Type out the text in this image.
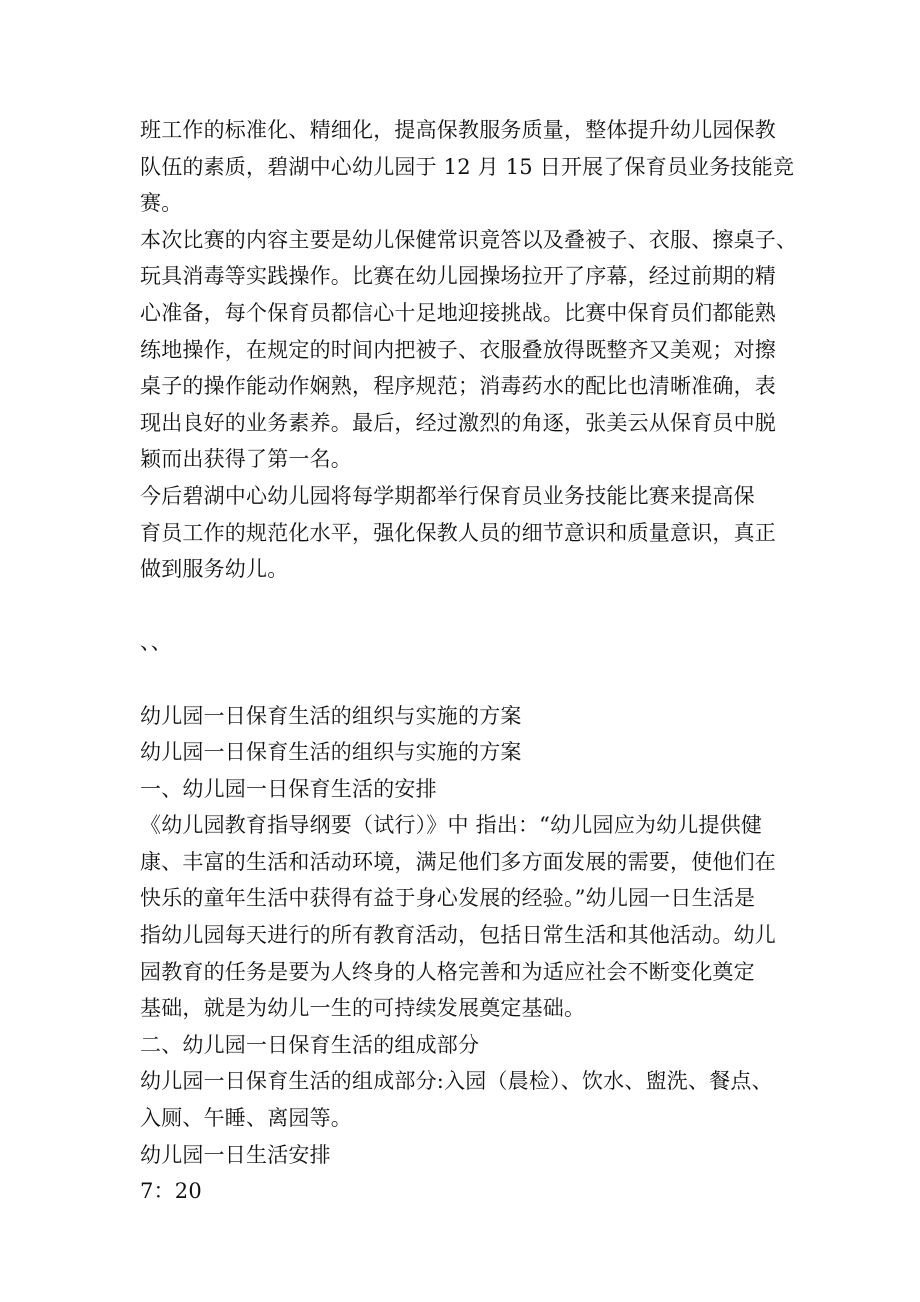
班工作的标准化、精细化，提高保教服务质量，整体提升幼儿园保教
队伍的素质，碧湖中心幼儿园于 12 月 15 日开展了保育员业务技能竞
赛。
本次比赛的内容主要是幼儿保健常识竟答以及叠被子、衣服、擦桌子、
玩具消毒等实践操作。比赛在幼儿园操场拉开了序幕，经过前期的精
心准备，每个保育员都信心十足地迎接挑战。比赛中保育员们都能熟
练地操作，在规定的时间内把被子、衣服叠放得既整齐又美观；对擦
桌子的操作能动作娴熟，程序规范；消毒药水的配比也清晰准确，表
现出良好的业务素养。最后，经过激烈的角逐，张美云从保育员中脱
颖而出获得了第一名。
今后碧湖中心幼儿园将每学期都举行保育员业务技能比赛来提高保
育员工作的规范化水平，强化保教人员的细节意识和质量意识，真正
做到服务幼儿。
、、
幼儿园一日保育生活的组织与实施的方案
幼儿园一日保育生活的组织与实施的方案
一、幼儿园一日保育生活的安排
《幼儿园教育指导纲要（试行）》中 指出：“幼儿园应为幼儿提供健
康、丰富的生活和活动环境，满足他们多方面发展的需要，使他们在
快乐的童年生活中获得有益于身心发展的经验。”幼儿园一日生活是
指幼儿园每天进行的所有教育活动，包括日常生活和其他活动。幼儿
园教育的任务是要为人终身的人格完善和为适应社会不断变化奠定
基础，就是为幼儿一生的可持续发展奠定基础。
二、幼儿园一日保育生活的组成部分
幼儿园一日保育生活的组成部分:入园（晨检）、饮水、盥洗、餐点、
入厕、午睡、离园等。
幼儿园一日生活安排
7：20
